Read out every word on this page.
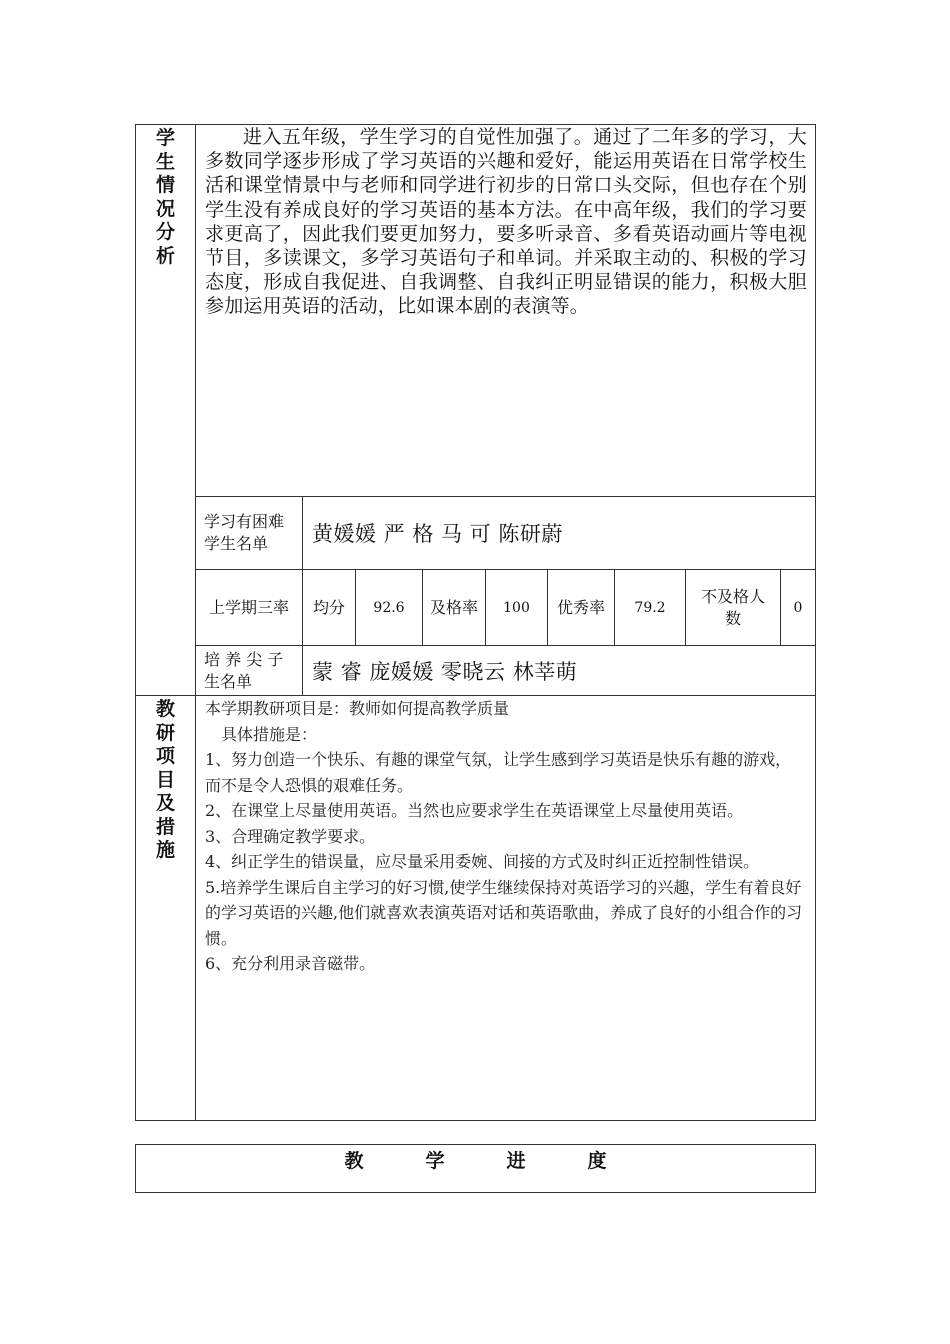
学
生
情
况
分
析
	进入五年级，学生学习的自觉性加强了。通过了二年多的学习，大多数同学逐步形成了学习英语的兴趣和爱好，能运用英语在日常学校生活和课堂情景中与老师和同学进行初步的日常口头交际，但也存在个别学生没有养成良好的学习英语的基本方法。在中高年级，我们的学习要求更高了，因此我们要更加努力，要多听录音、多看英语动画片等电视节目，多读课文，多学习英语句子和单词。并采取主动的、积极的学习态度，形成自我促进、自我调整、自我纠正明显错误的能力，积极大胆参加运用英语的活动，比如课本剧的表演等。

学习有困难学生名单	黄媛媛 严 格 马 可 陈研蔚

上学期三率	均分	92.6	及格率	100	优秀率	79.2	不及格人数	0

培 养 尖 子 生名单	蒙 睿 庞媛媛 零晓云 林莘萌

教
研
项
目
及
措
施

本学期教研项目是：教师如何提高教学质量

　具体措施是：

1、努力创造一个快乐、有趣的课堂气氛，让学生感到学习英语是快乐有趣的游戏，而不是令人恐惧的艰难任务。

2、在课堂上尽量使用英语。当然也应要求学生在英语课堂上尽量使用英语。

3、合理确定教学要求。

4、纠正学生的错误量，应尽量采用委婉、间接的方式及时纠正近控制性错误。

5.培养学生课后自主学习的好习惯,使学生继续保持对英语学习的兴趣，学生有着良好的学习英语的兴趣,他们就喜欢表演英语对话和英语歌曲，养成了良好的小组合作的习惯。

6、充分利用录音磁带。

教	学	进	度
